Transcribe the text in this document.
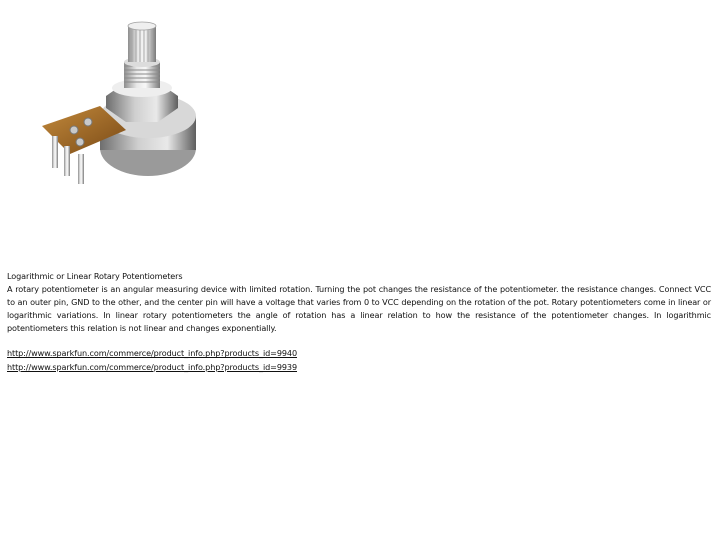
Logarithmic or Linear Rotary Potentiometers

A rotary potentiometer is an angular measuring device with limited rotation. Turning the pot changes the resistance of the potentiometer. the resistance changes. Connect VCC to an outer pin, GND to the other, and the center pin will have a voltage that varies from 0 to VCC depending on the rotation of the pot. Rotary potentiometers come in linear or logarithmic variations. In linear rotary potentiometers the angle of rotation has a linear relation to how the resistance of the potentiometer changes. In logarithmic potentiometers this relation is not linear and changes exponentially.

http://www.sparkfun.com/commerce/product_info.php?products_id=9940
http://www.sparkfun.com/commerce/product_info.php?products_id=9939
